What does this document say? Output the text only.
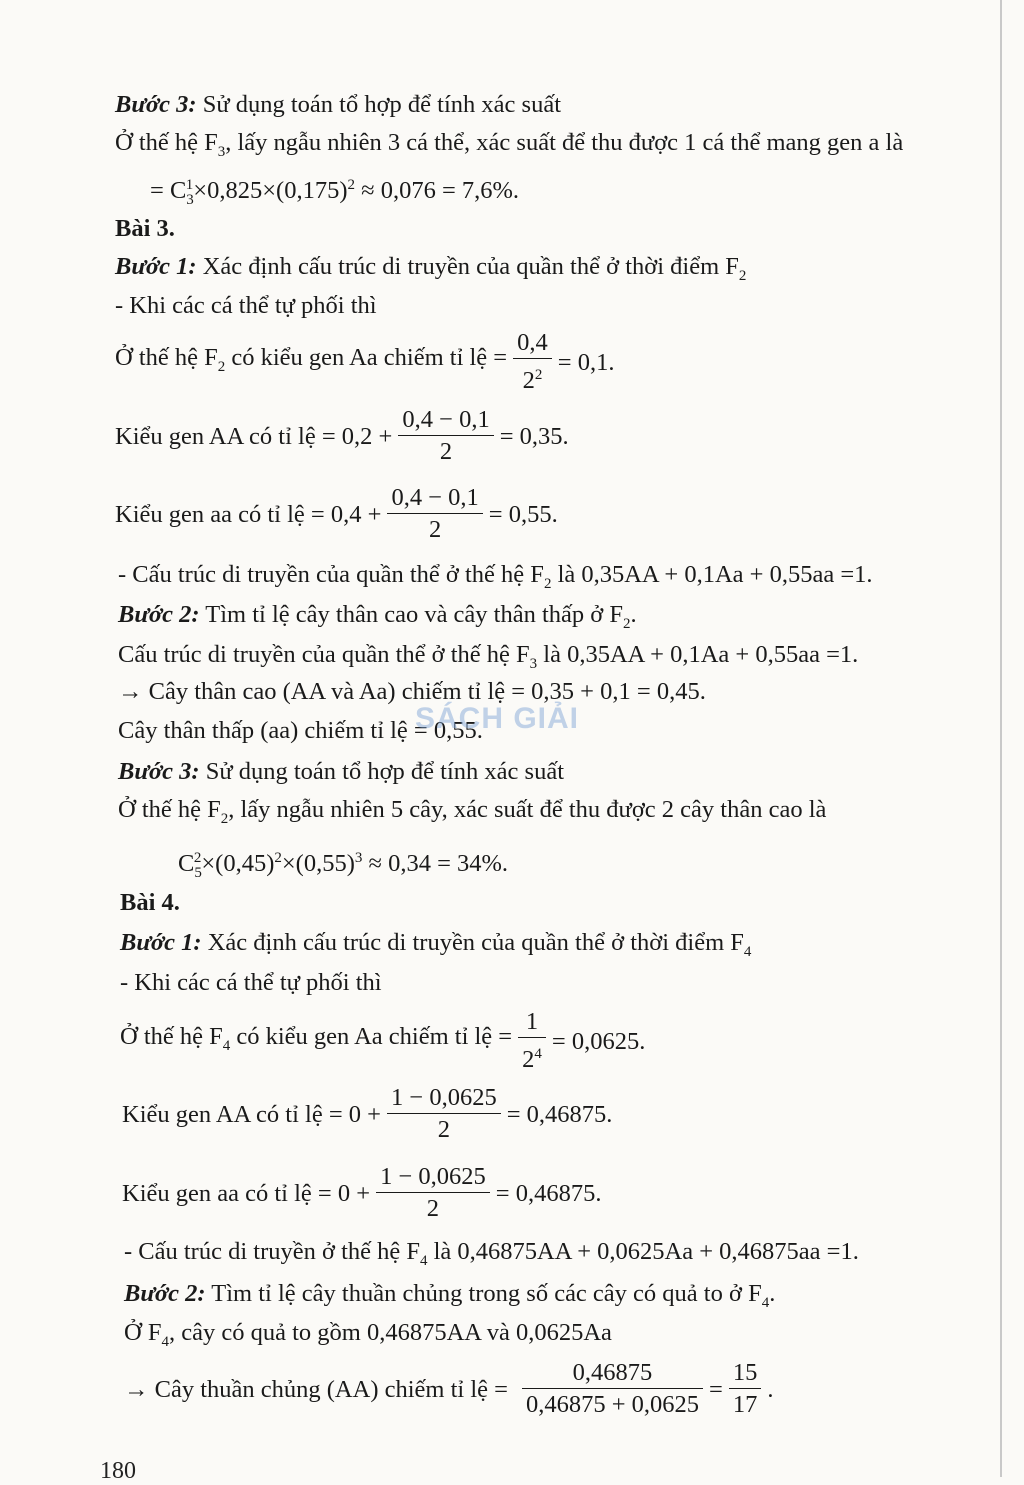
Bước 3: Sử dụng toán tổ hợp để tính xác suất
Ở thế hệ $F_3$, lấy ngẫu nhiên 3 cá thể, xác suất để thu được 1 cá thể mang gen a là
= $C_3^1\times 0,825\times(0,175)^2 \approx 0,076 = 7,6\%$.
Bài 3.
Bước 1: Xác định cấu trúc di truyền của quần thể ở thời điểm $F_2$
- Khi các cá thể tự phối thì
Ở thế hệ $F_2$ có kiểu gen Aa chiếm tỉ lệ = $\frac{0,4}{2^2} = 0,1$.
Kiểu gen AA có tỉ lệ = $0,2 + \frac{0,4 - 0,1}{2} = 0,35$.
Kiểu gen aa có tỉ lệ = $0,4 + \frac{0,4 - 0,1}{2} = 0,55$.
- Cấu trúc di truyền của quần thể ở thế hệ $F_2$ là 0,35AA + 0,1Aa + 0,55aa =1.
Bước 2: Tìm tỉ lệ cây thân cao và cây thân thấp ở $F_2$.
Cấu trúc di truyền của quần thể ở thế hệ $F_3$ là 0,35AA + 0,1Aa + 0,55aa =1.
→ Cây thân cao (AA và Aa) chiếm tỉ lệ = 0,35 + 0,1 = 0,45.
Cây thân thấp (aa) chiếm tỉ lệ = 0,55.
SÁCH GIẢI
Bước 3: Sử dụng toán tổ hợp để tính xác suất
Ở thế hệ $F_2$, lấy ngẫu nhiên 5 cây, xác suất để thu được 2 cây thân cao là
$C_5^2\times(0,45)^2\times(0,55)^3 \approx 0,34 = 34\%$.
Bài 4.
Bước 1: Xác định cấu trúc di truyền của quần thể ở thời điểm $F_4$
- Khi các cá thể tự phối thì
Ở thế hệ $F_4$ có kiểu gen Aa chiếm tỉ lệ = $\frac{1}{2^4} = 0,0625$.
Kiểu gen AA có tỉ lệ = $0 + \frac{1 - 0,0625}{2} = 0,46875$.
Kiểu gen aa có tỉ lệ = $0 + \frac{1 - 0,0625}{2} = 0,46875$.
- Cấu trúc di truyền ở thế hệ $F_4$ là 0,46875AA + 0,0625Aa + 0,46875aa =1.
Bước 2: Tìm tỉ lệ cây thuần chủng trong số các cây có quả to ở $F_4$.
Ở $F_4$, cây có quả to gồm 0,46875AA và 0,0625Aa
→ Cây thuần chủng (AA) chiếm tỉ lệ = $\frac{0,46875}{0,46875 + 0,0625} = \frac{15}{17}$ .
180
